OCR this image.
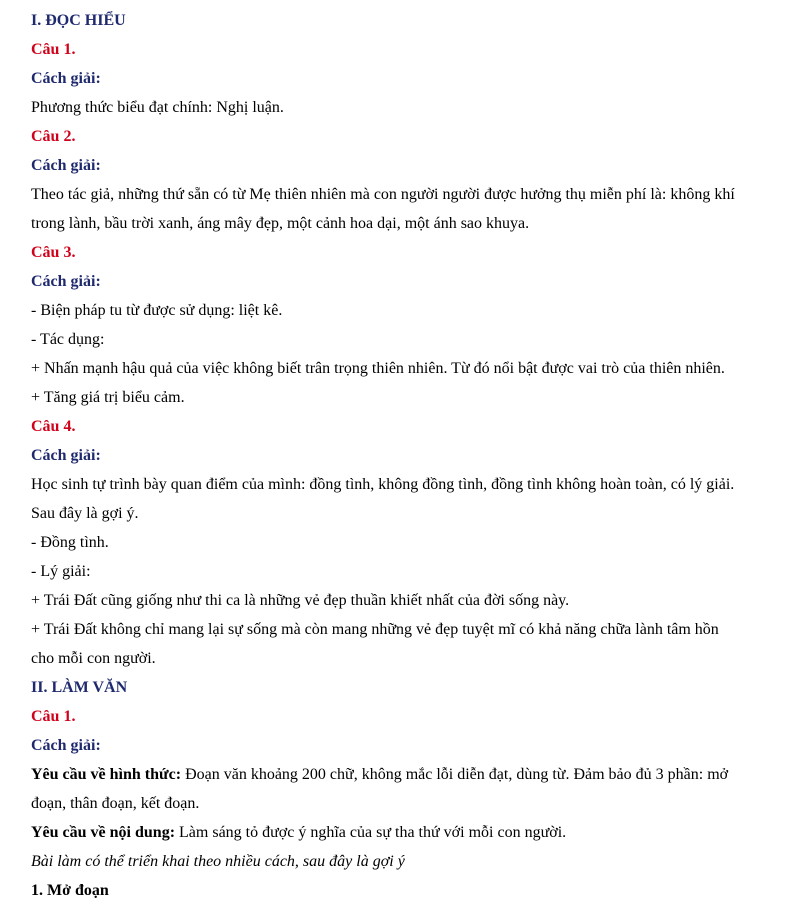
I. ĐỌC HIỂU

Câu 1.

Cách giải:

Phương thức biểu đạt chính: Nghị luận.

Câu 2.

Cách giải:

Theo tác giả, những thứ sẵn có từ Mẹ thiên nhiên mà con người người được hưởng thụ miễn phí là: không khí

trong lành, bầu trời xanh, áng mây đẹp, một cảnh hoa dại, một ánh sao khuya.

Câu 3.

Cách giải:

- Biện pháp tu từ được sử dụng: liệt kê.

- Tác dụng:

+ Nhấn mạnh hậu quả của việc không biết trân trọng thiên nhiên. Từ đó nổi bật được vai trò của thiên nhiên.

+ Tăng giá trị biểu cảm.

Câu 4.

Cách giải:

Học sinh tự trình bày quan điểm của mình: đồng tình, không đồng tình, đồng tình không hoàn toàn, có lý giải.

Sau đây là gợi ý.

- Đồng tình.

- Lý giải:

+ Trái Đất cũng giống như thi ca là những vẻ đẹp thuần khiết nhất của đời sống này.

+ Trái Đất không chỉ mang lại sự sống mà còn mang những vẻ đẹp tuyệt mĩ có khả năng chữa lành tâm hồn

cho mỗi con người.

II. LÀM VĂN

Câu 1.

Cách giải:

Yêu cầu về hình thức: Đoạn văn khoảng 200 chữ, không mắc lỗi diễn đạt, dùng từ. Đảm bảo đủ 3 phần: mở

đoạn, thân đoạn, kết đoạn.

Yêu cầu về nội dung: Làm sáng tỏ được ý nghĩa của sự tha thứ với mỗi con người.

Bài làm có thể triển khai theo nhiều cách, sau đây là gợi ý

1. Mở đoạn
